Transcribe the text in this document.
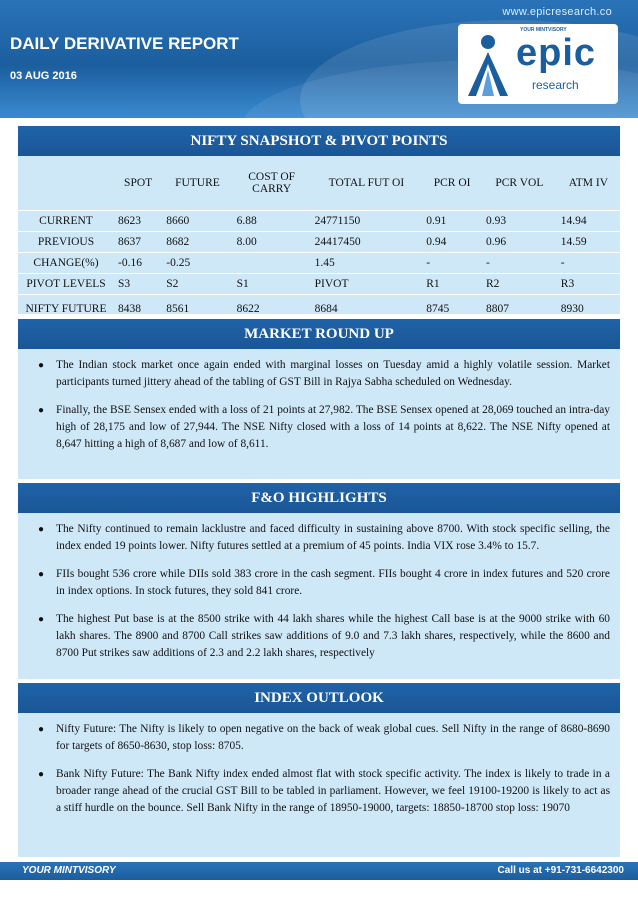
www.epicresearch.co
DAILY DERIVATIVE REPORT
03 AUG 2016
YOUR MINTVISORY
epic
research
NIFTY SNAPSHOT & PIVOT POINTS
	SPOT	FUTURE	COST OF CARRY	TOTAL FUT OI	PCR OI	PCR VOL	ATM IV
CURRENT	8623	8660	6.88	24771150	0.91	0.93	14.94
PREVIOUS	8637	8682	8.00	24417450	0.94	0.96	14.59
CHANGE(%)	-0.16	-0.25		1.45	-	-	-
PIVOT LEVELS	S3	S2	S1	PIVOT	R1	R2	R3
NIFTY FUTURE	8438	8561	8622	8684	8745	8807	8930
MARKET ROUND UP
● The Indian stock market once again ended with marginal losses on Tuesday amid a highly volatile session. Market participants turned jittery ahead of the tabling of GST Bill in Rajya Sabha scheduled on Wednesday.
● Finally, the BSE Sensex ended with a loss of 21 points at 27,982. The BSE Sensex opened at 28,069 touched an intra-day high of 28,175 and low of 27,944. The NSE Nifty closed with a loss of 14 points at 8,622. The NSE Nifty opened at 8,647 hitting a high of 8,687 and low of 8,611.
F&O HIGHLIGHTS
● The Nifty continued to remain lacklustre and faced difficulty in sustaining above 8700. With stock specific selling, the index ended 19 points lower. Nifty futures settled at a premium of 45 points. India VIX rose 3.4% to 15.7.
● FIIs bought 536 crore while DIIs sold 383 crore in the cash segment. FIIs bought 4 crore in index futures and 520 crore in index options. In stock futures, they sold 841 crore.
● The highest Put base is at the 8500 strike with 44 lakh shares while the highest Call base is at the 9000 strike with 60 lakh shares. The 8900 and 8700 Call strikes saw additions of 9.0 and 7.3 lakh shares, respectively, while the 8600 and 8700 Put strikes saw additions of 2.3 and 2.2 lakh shares, respectively
INDEX OUTLOOK
● Nifty Future: The Nifty is likely to open negative on the back of weak global cues. Sell Nifty in the range of 8680-8690 for targets of 8650-8630, stop loss: 8705.
● Bank Nifty Future: The Bank Nifty index ended almost flat with stock specific activity. The index is likely to trade in a broader range ahead of the crucial GST Bill to be tabled in parliament. However, we feel 19100-19200 is likely to act as a stiff hurdle on the bounce. Sell Bank Nifty in the range of 18950-19000, targets: 18850-18700 stop loss: 19070
YOUR MINTVISORY	Call us at +91-731-6642300
